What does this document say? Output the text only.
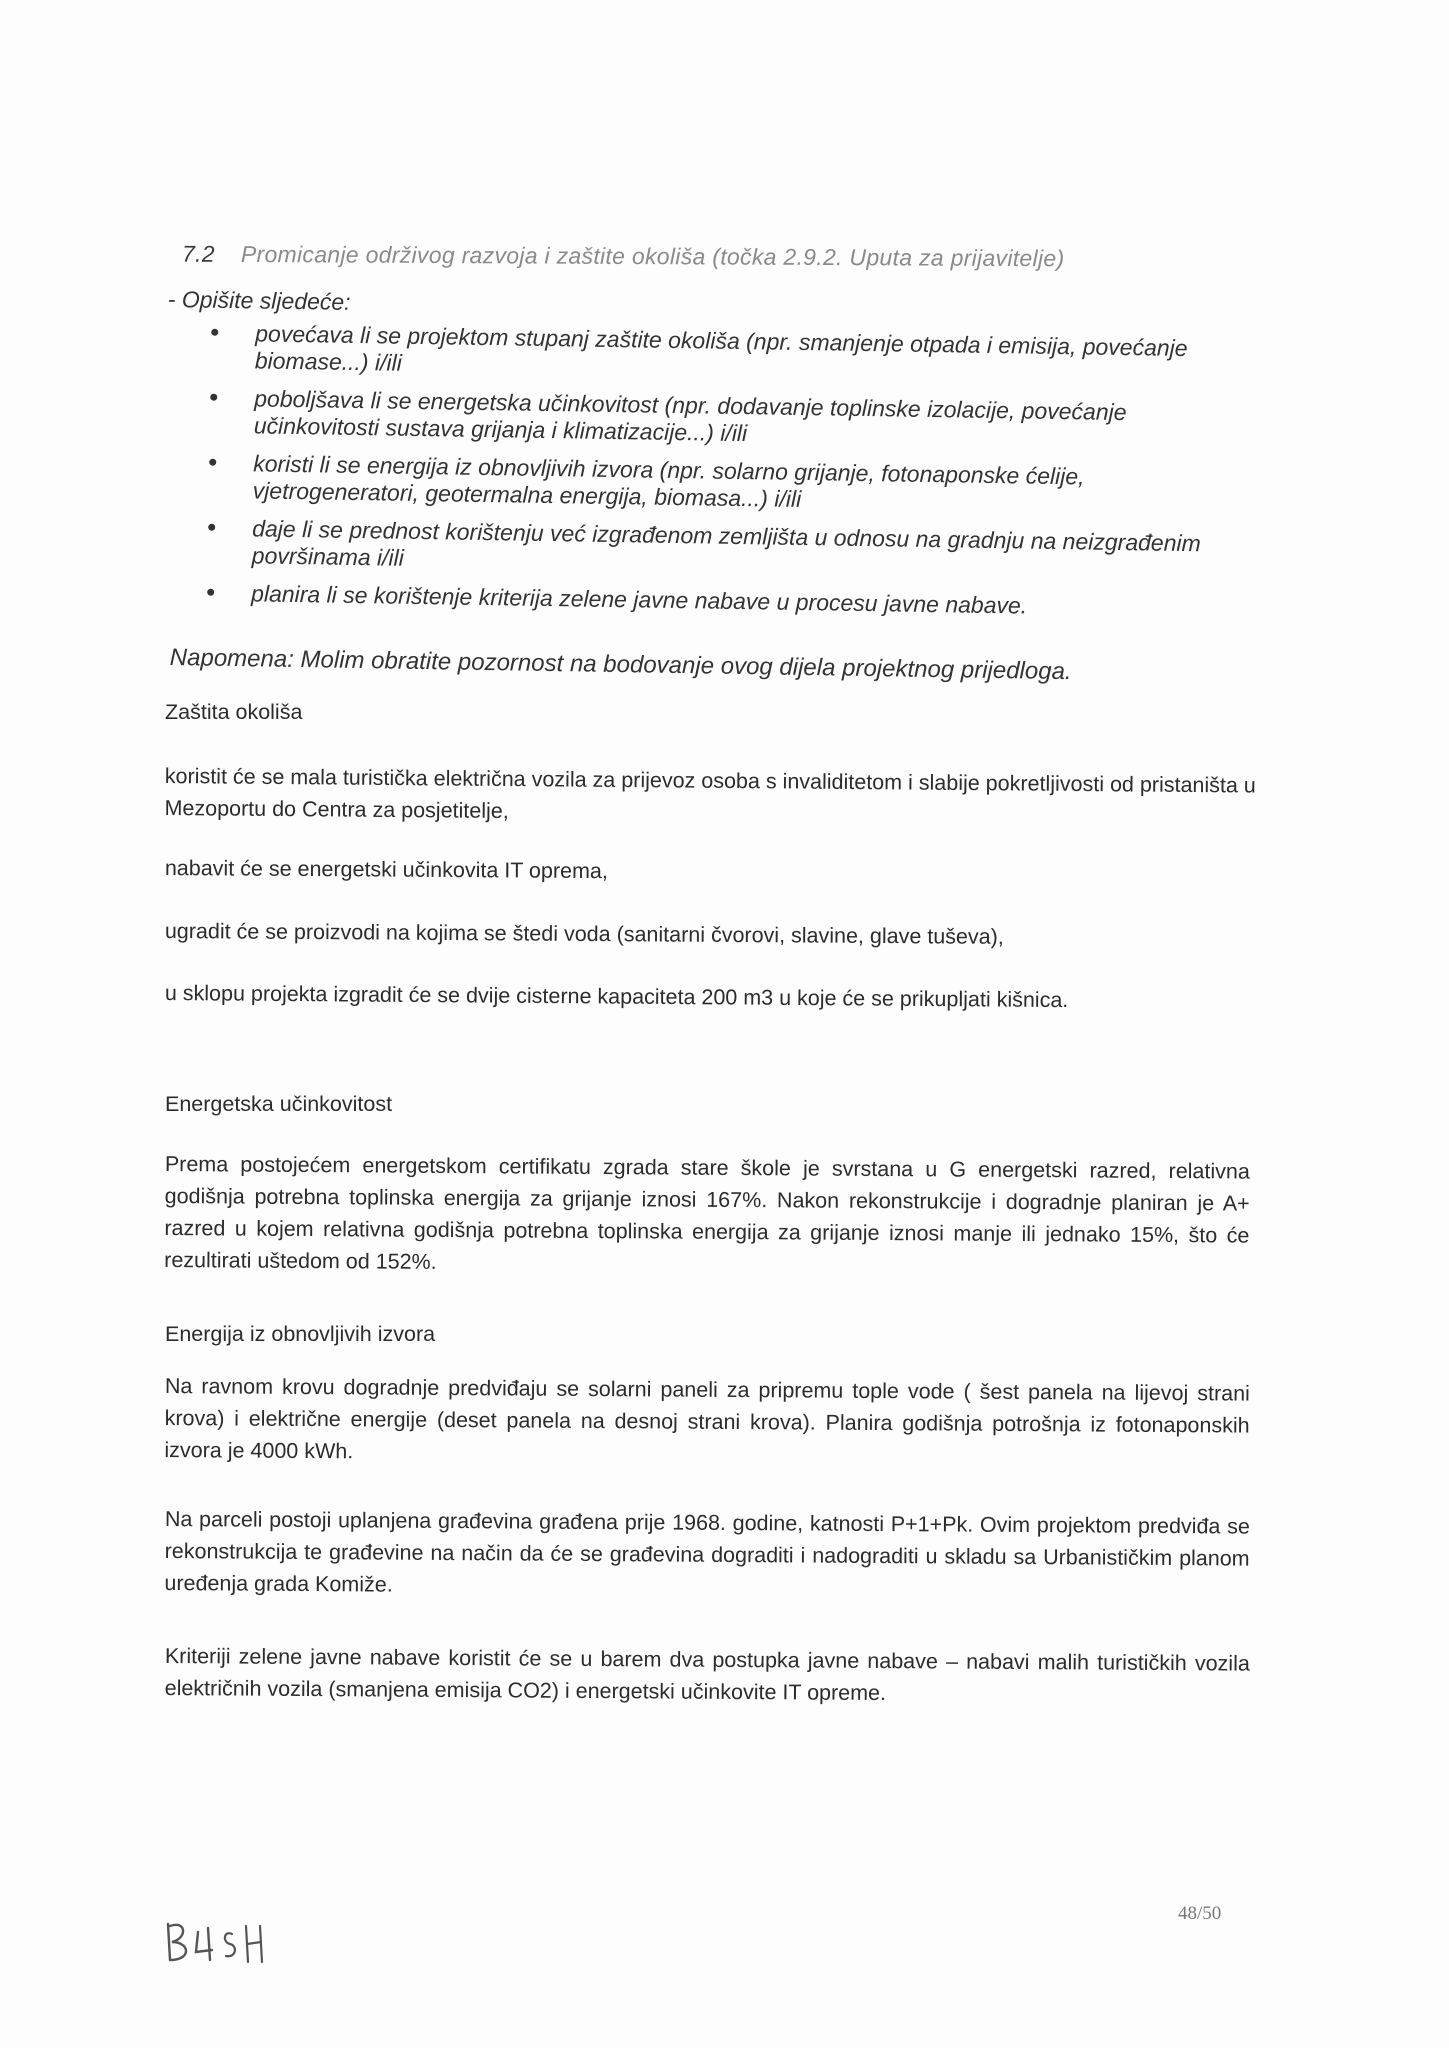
7.2 Promicanje održivog razvoja i zaštite okoliša (točka 2.9.2. Uputa za prijavitelje)
- Opišite sljedeće:
povećava li se projektom stupanj zaštite okoliša (npr. smanjenje otpada i emisija, povećanje biomase...) i/ili
poboljšava li se energetska učinkovitost (npr. dodavanje toplinske izolacije, povećanje učinkovitosti sustava grijanja i klimatizacije...) i/ili
koristi li se energija iz obnovljivih izvora (npr. solarno grijanje, fotonaponske ćelije, vjetrogeneratori, geotermalna energija, biomasa...) i/ili
daje li se prednost korištenju već izgrađenom zemljišta u odnosu na gradnju na neizgrađenim površinama i/ili
planira li se korištenje kriterija zelene javne nabave u procesu javne nabave.
Napomena: Molim obratite pozornost na bodovanje ovog dijela projektnog prijedloga.
Zaštita okoliša
koristit će se mala turistička električna vozila za prijevoz osoba s invaliditetom i slabije pokretljivosti od pristaništa u Mezoportu do Centra za posjetitelje,
nabavit će se energetski učinkovita IT oprema,
ugradit će se proizvodi na kojima se štedi voda (sanitarni čvorovi, slavine, glave tuševa),
u sklopu projekta izgradit će se dvije cisterne kapaciteta 200 m3 u koje će se prikupljati kišnica.
Energetska učinkovitost
Prema postojećem energetskom certifikatu zgrada stare škole je svrstana u G energetski razred, relativna godišnja potrebna toplinska energija za grijanje iznosi 167%. Nakon rekonstrukcije i dogradnje planiran je A+ razred u kojem relativna godišnja potrebna toplinska energija za grijanje iznosi manje ili jednako 15%, što će rezultirati uštedom od 152%.
Energija iz obnovljivih izvora
Na ravnom krovu dogradnje predviđaju se solarni paneli za pripremu tople vode ( šest panela na lijevoj strani krova) i električne energije (deset panela na desnoj strani krova). Planira godišnja potrošnja iz fotonaponskih izvora je 4000 kWh.
Na parceli postoji uplanjena građevina građena prije 1968. godine, katnosti P+1+Pk. Ovim projektom predviđa se rekonstrukcija te građevine na način da će se građevina dograditi i nadograditi u skladu sa Urbanističkim planom uređenja grada Komiže.
Kriteriji zelene javne nabave koristit će se u barem dva postupka javne nabave – nabavi malih turističkih vozila električnih vozila (smanjena emisija CO2) i energetski učinkovite IT opreme.
48/50
